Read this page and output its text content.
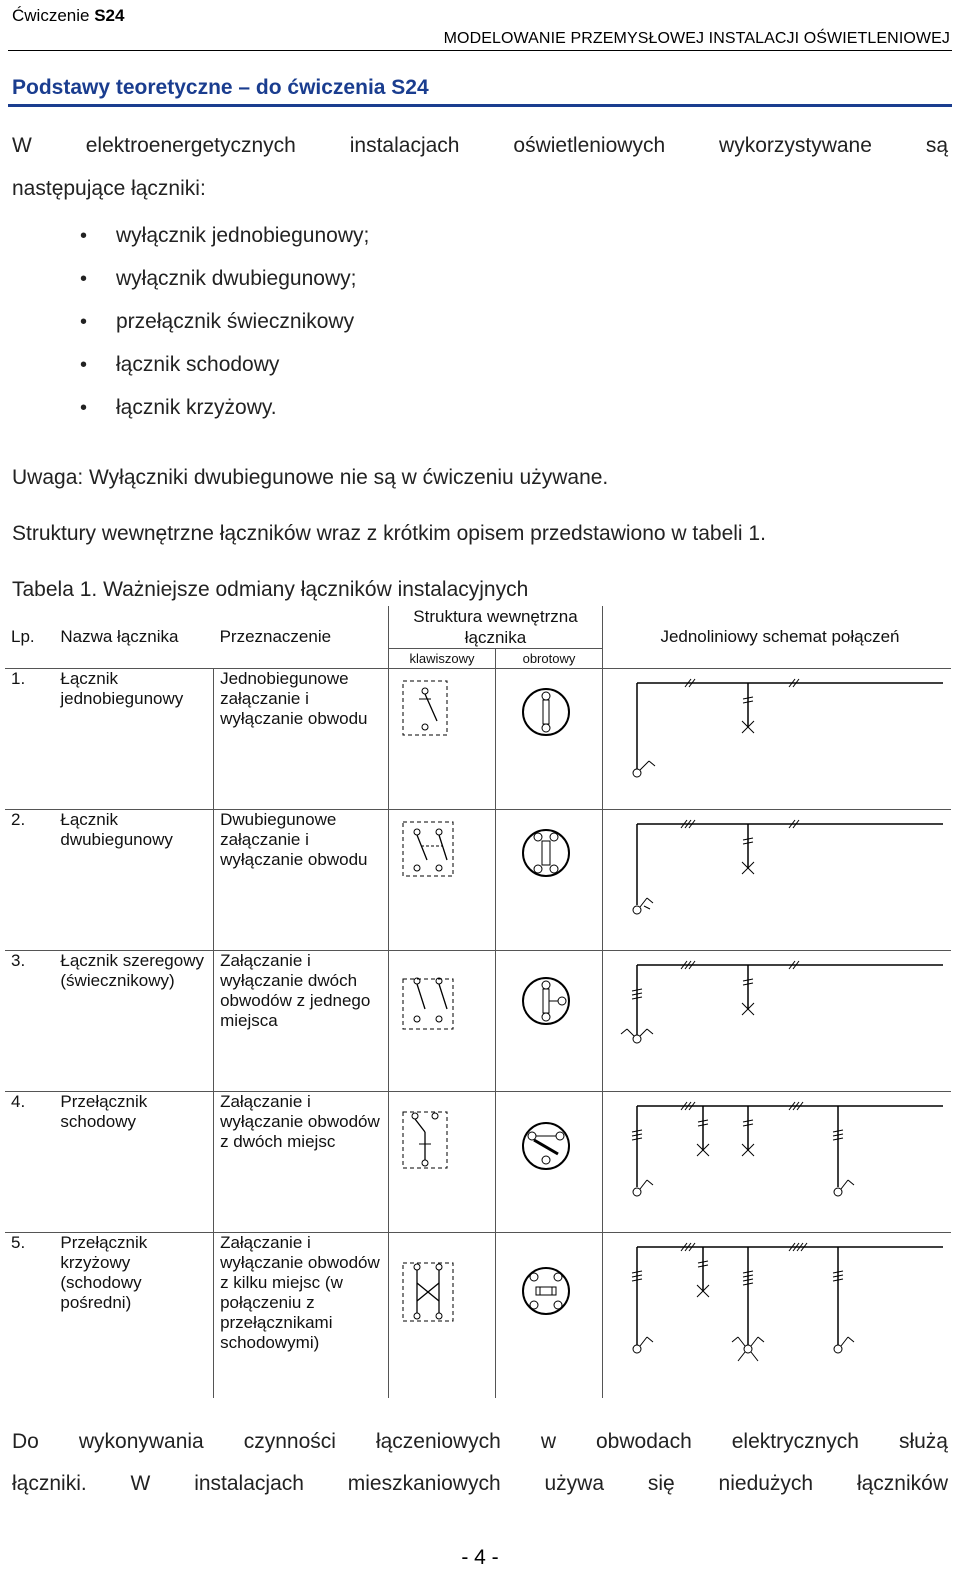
Ćwiczenie S24
MODELOWANIE PRZEMYSŁOWEJ INSTALACJI OŚWIETLENIOWEJ
Podstawy teoretyczne – do ćwiczenia S24
W elektroenergetycznych instalacjach oświetleniowych wykorzystywane są
następujące łączniki:
• wyłącznik jednobiegunowy;
• wyłącznik dwubiegunowy;
• przełącznik świecznikowy
• łącznik schodowy
• łącznik krzyżowy.
Uwaga: Wyłączniki dwubiegunowe nie są w ćwiczeniu używane.
Struktury wewnętrzne łączników wraz z krótkim opisem przedstawiono w tabeli 1.
Tabela 1. Ważniejsze odmiany łączników instalacyjnych
Lp.	Nazwa łącznika	Przeznaczenie	Struktura wewnętrzna łącznika		Jednoliniowy schemat połączeń
			klawiszowy	obrotowy	
1.	Łącznik jednobiegunowy	Jednobiegunowe załączanie i wyłączanie obwodu	

2.	Łącznik dwubiegunowy	Dwubiegunowe załączanie i wyłączanie obwodu	

3.	Łącznik szeregowy (świecznikowy)	Załączanie i wyłączanie dwóch obwodów z jednego miejsca	

4.	Przełącznik schodowy	Załączanie i wyłączanie obwodów z dwóch miejsc	

5.	Przełącznik krzyżowy (schodowy pośredni)	Załączanie i wyłączanie obwodów z kilku miejsc (w połączeniu z przełącznikami schodowymi)	

Do wykonywania czynności łączeniowych w obwodach elektrycznych służą
łączniki. W instalacjach mieszkaniowych używa się niedużych łączników
- 4 -
